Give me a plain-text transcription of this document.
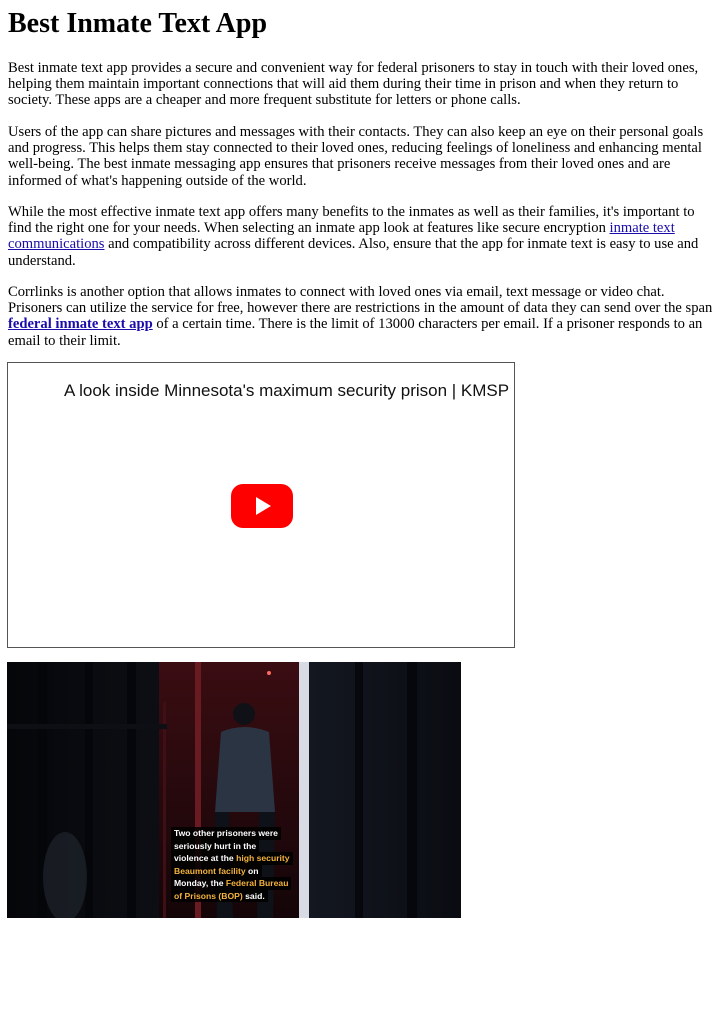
Best Inmate Text App

Best inmate text app provides a secure and convenient way for federal prisoners to stay in touch with their loved ones, helping them maintain important connections that will aid them during their time in prison and when they return to society. These apps are a cheaper and more frequent substitute for letters or phone calls.

Users of the app can share pictures and messages with their contacts. They can also keep an eye on their personal goals and progress. This helps them stay connected to their loved ones, reducing feelings of loneliness and enhancing mental well-being. The best inmate messaging app ensures that prisoners receive messages from their loved ones and are informed of what's happening outside of the world.

While the most effective inmate text app offers many benefits to the inmates as well as their families, it's important to find the right one for your needs. When selecting an inmate app look at features like secure encryption inmate text communications and compatibility across different devices. Also, ensure that the app for inmate text is easy to use and understand.

Corrlinks is another option that allows inmates to connect with loved ones via email, text message or video chat. Prisoners can utilize the service for free, however there are restrictions in the amount of data they can send over the span federal inmate text app of a certain time. There is the limit of 13000 characters per email. If a prisoner responds to an email to their limit.

A look inside Minnesota's maximum security prison | KMSP
Two other prisoners were
seriously hurt in the
violence at the high security
Beaumont facility on
Monday, the Federal Bureau
of Prisons (BOP) said.
